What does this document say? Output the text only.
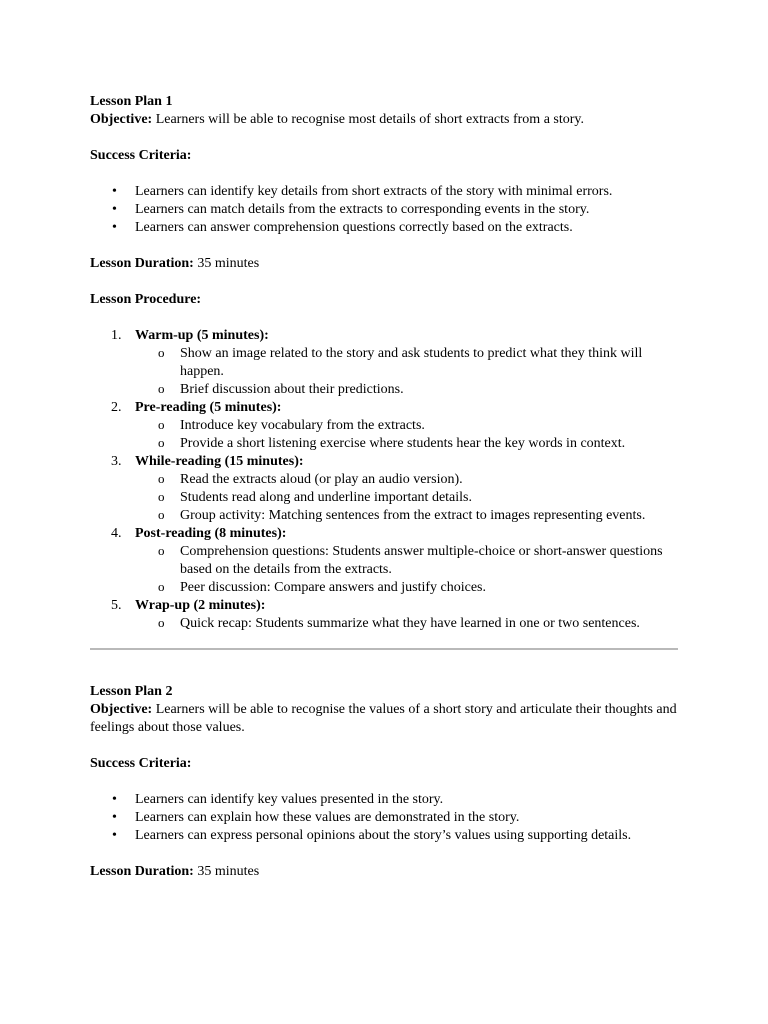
Lesson Plan 1

Objective: Learners will be able to recognise most details of short extracts from a story.

Success Criteria:

• Learners can identify key details from short extracts of the story with minimal errors.
• Learners can match details from the extracts to corresponding events in the story.
• Learners can answer comprehension questions correctly based on the extracts.

Lesson Duration: 35 minutes

Lesson Procedure:

1. Warm-up (5 minutes):
o Show an image related to the story and ask students to predict what they think will happen.
o Brief discussion about their predictions.
2. Pre-reading (5 minutes):
o Introduce key vocabulary from the extracts.
o Provide a short listening exercise where students hear the key words in context.
3. While-reading (15 minutes):
o Read the extracts aloud (or play an audio version).
o Students read along and underline important details.
o Group activity: Matching sentences from the extract to images representing events.
4. Post-reading (8 minutes):
o Comprehension questions: Students answer multiple-choice or short-answer questions based on the details from the extracts.
o Peer discussion: Compare answers and justify choices.
5. Wrap-up (2 minutes):
o Quick recap: Students summarize what they have learned in one or two sentences.

Lesson Plan 2

Objective: Learners will be able to recognise the values of a short story and articulate their thoughts and feelings about those values.

Success Criteria:

• Learners can identify key values presented in the story.
• Learners can explain how these values are demonstrated in the story.
• Learners can express personal opinions about the story’s values using supporting details.

Lesson Duration: 35 minutes
